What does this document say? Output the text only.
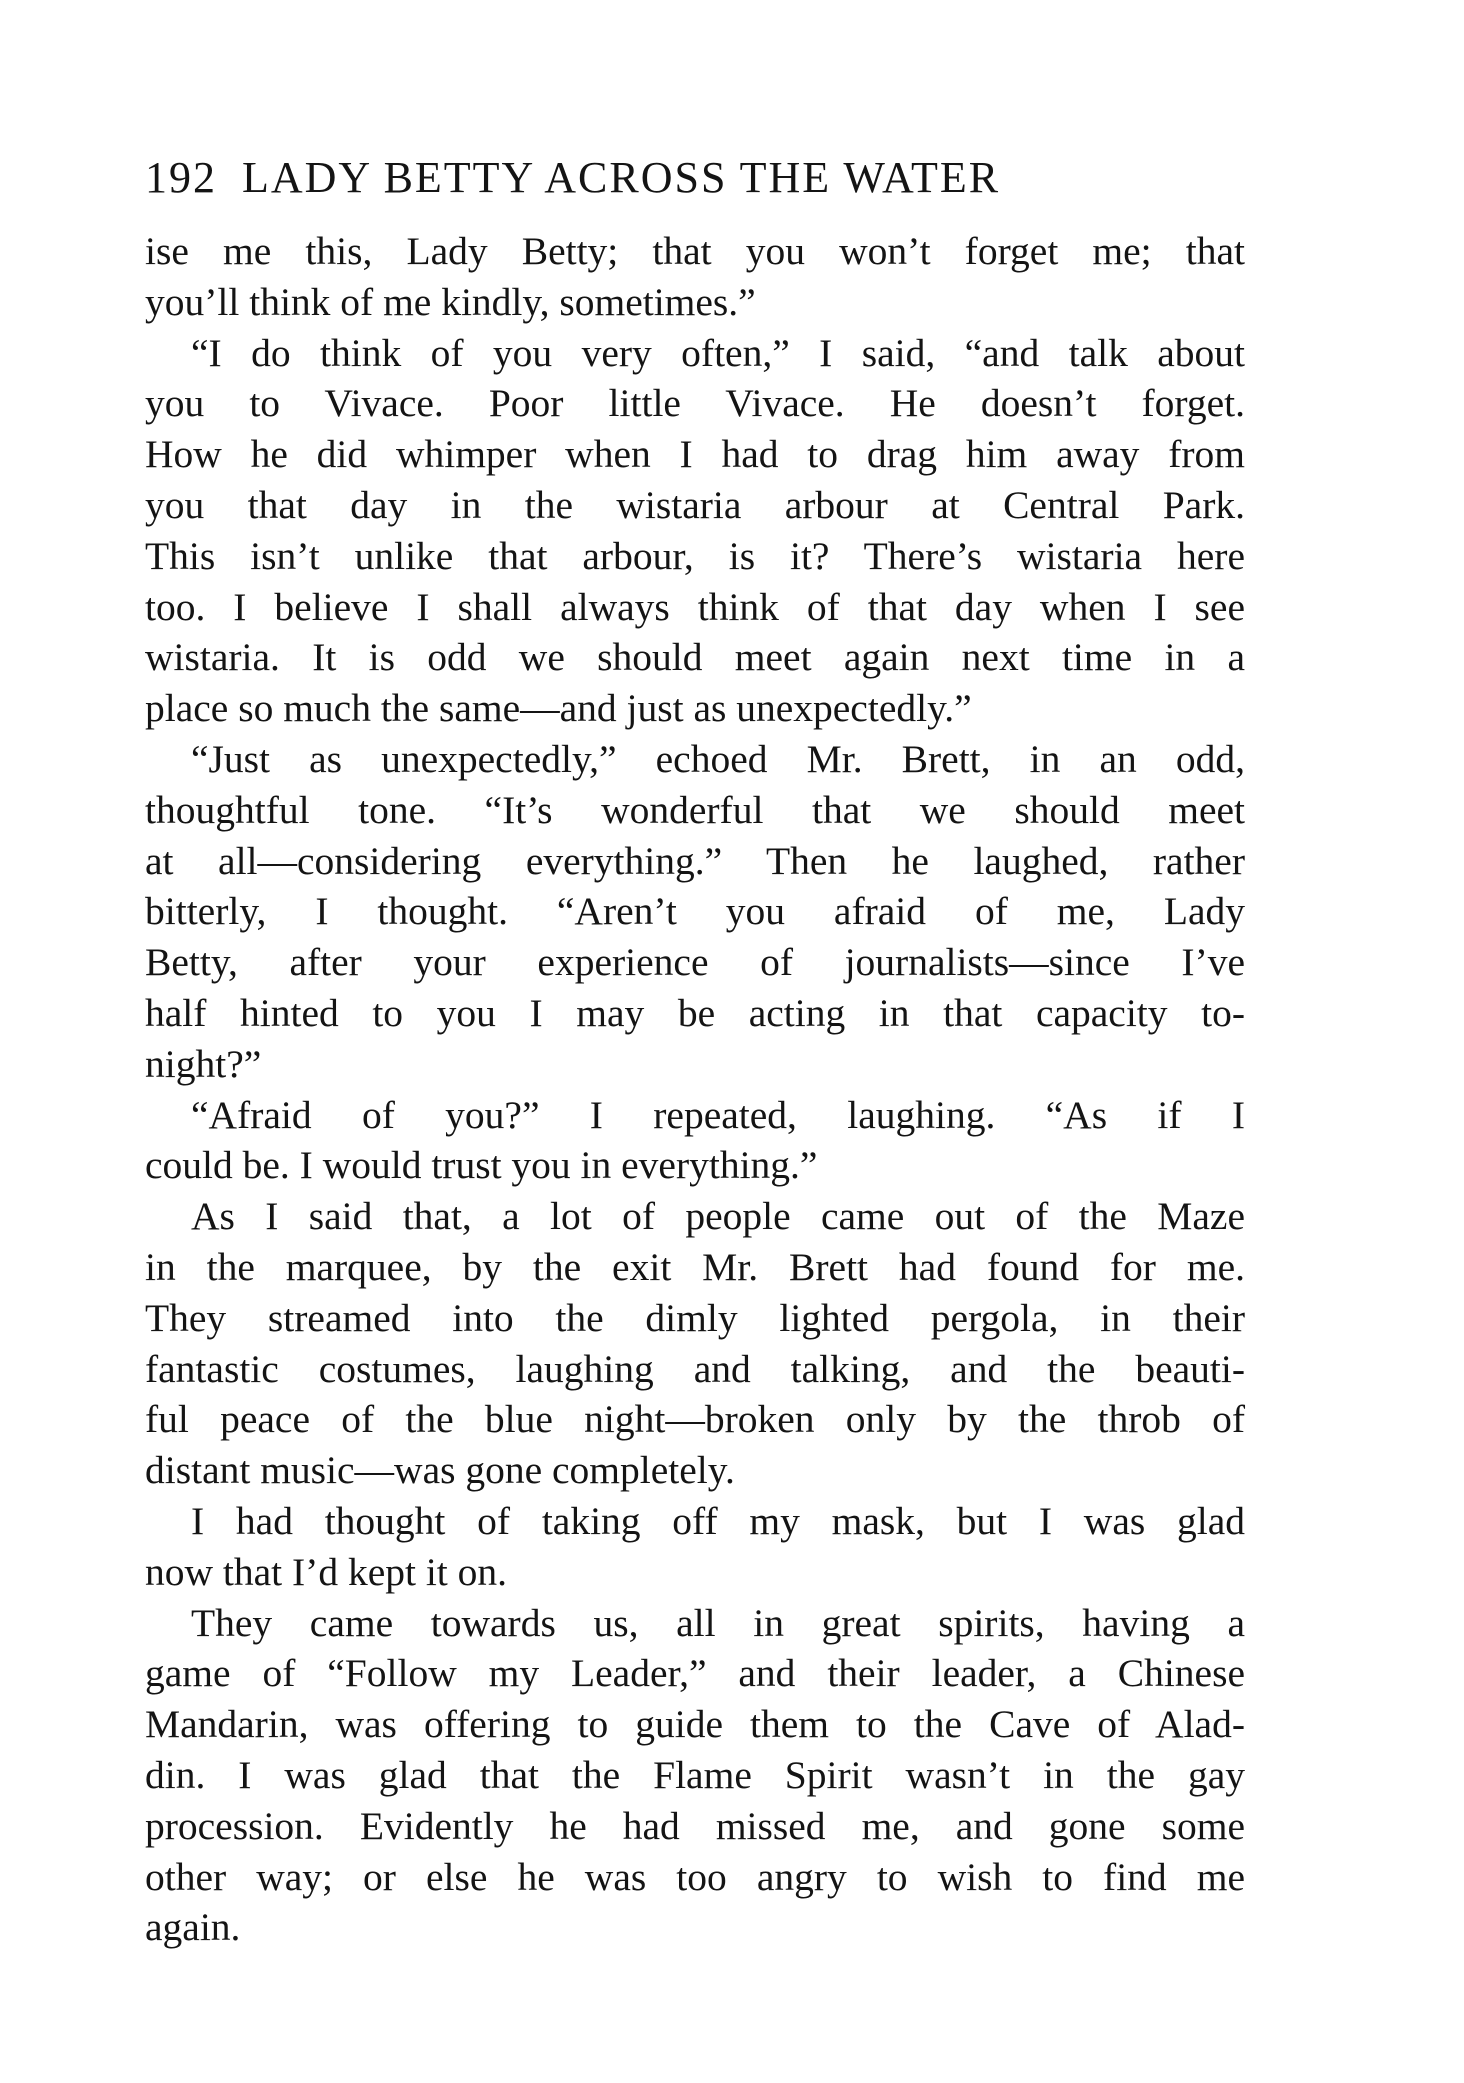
192 LADY BETTY ACROSS THE WATER
ise me this, Lady Betty; that you won’t forget me; that
you’ll think of me kindly, sometimes.”
“I do think of you very often,” I said, “and talk about
you to Vivace. Poor little Vivace. He doesn’t forget.
How he did whimper when I had to drag him away from
you that day in the wistaria arbour at Central Park.
This isn’t unlike that arbour, is it? There’s wistaria here
too. I believe I shall always think of that day when I see
wistaria. It is odd we should meet again next time in a
place so much the same—and just as unexpectedly.”
“Just as unexpectedly,” echoed Mr. Brett, in an odd,
thoughtful tone. “It’s wonderful that we should meet
at all—considering everything.” Then he laughed, rather
bitterly, I thought. “Aren’t you afraid of me, Lady
Betty, after your experience of journalists—since I’ve
half hinted to you I may be acting in that capacity to-
night?”
“Afraid of you?” I repeated, laughing. “As if I
could be. I would trust you in everything.”
As I said that, a lot of people came out of the Maze
in the marquee, by the exit Mr. Brett had found for me.
They streamed into the dimly lighted pergola, in their
fantastic costumes, laughing and talking, and the beauti-
ful peace of the blue night—broken only by the throb of
distant music—was gone completely.
I had thought of taking off my mask, but I was glad
now that I’d kept it on.
They came towards us, all in great spirits, having a
game of “Follow my Leader,” and their leader, a Chinese
Mandarin, was offering to guide them to the Cave of Alad-
din. I was glad that the Flame Spirit wasn’t in the gay
procession. Evidently he had missed me, and gone some
other way; or else he was too angry to wish to find me
again.
